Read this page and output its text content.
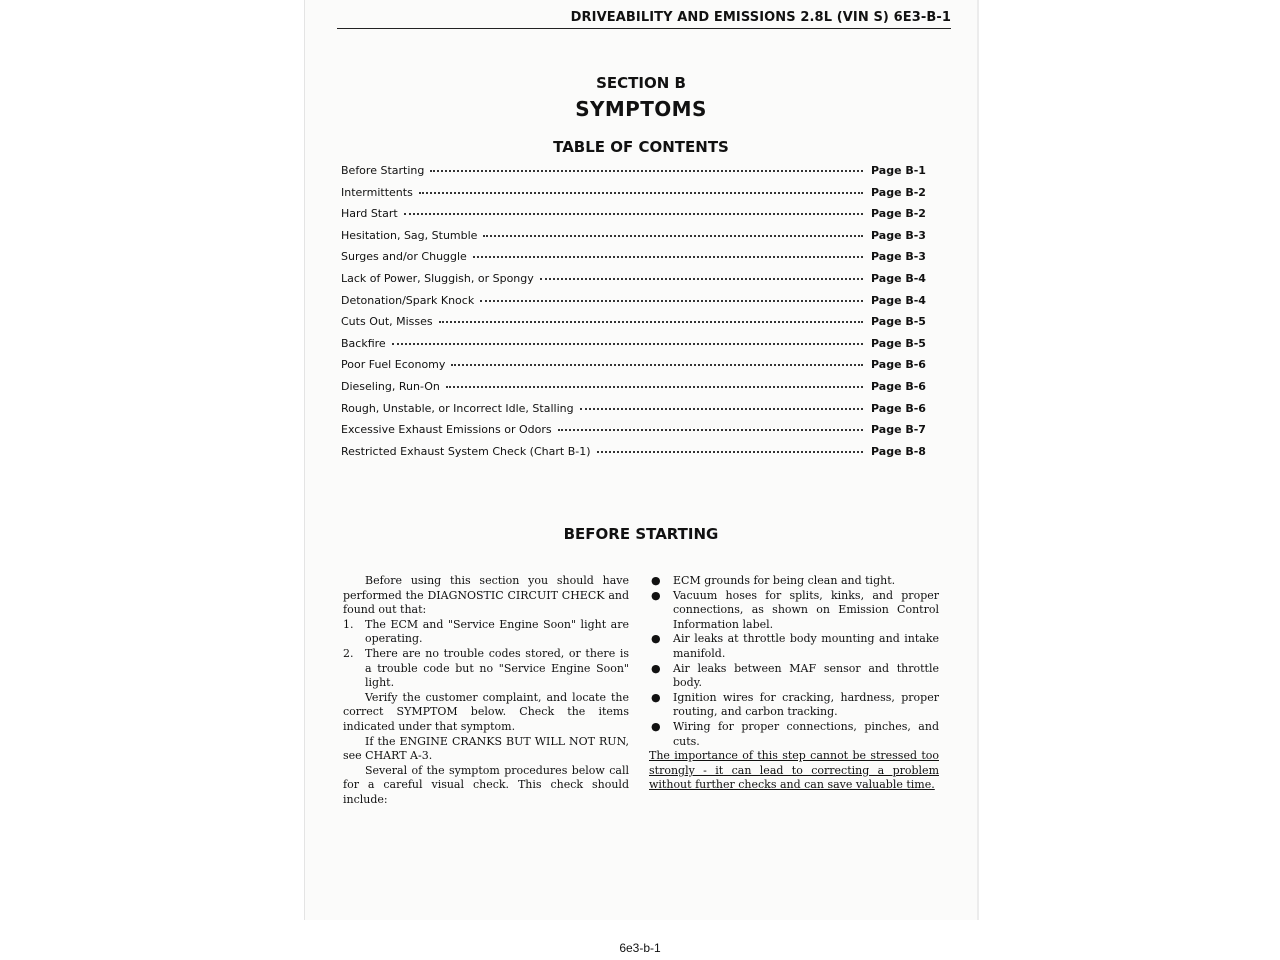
DRIVEABILITY AND EMISSIONS 2.8L (VIN S) 6E3-B-1
SECTION B
SYMPTOMS
TABLE OF CONTENTS
Before Starting	Page B-1
Intermittents	Page B-2
Hard Start	Page B-2
Hesitation, Sag, Stumble	Page B-3
Surges and/or Chuggle	Page B-3
Lack of Power, Sluggish, or Spongy	Page B-4
Detonation/Spark Knock	Page B-4
Cuts Out, Misses	Page B-5
Backfire	Page B-5
Poor Fuel Economy	Page B-6
Dieseling, Run-On	Page B-6
Rough, Unstable, or Incorrect Idle, Stalling	Page B-6
Excessive Exhaust Emissions or Odors	Page B-7
Restricted Exhaust System Check (Chart B-1)	Page B-8
BEFORE STARTING

Before using this section you should have performed the DIAGNOSTIC CIRCUIT CHECK and found out that:

1.	The ECM and "Service Engine Soon" light are operating.
2.	There are no trouble codes stored, or there is a trouble code but no "Service Engine Soon" light.

Verify the customer complaint, and locate the correct SYMPTOM below. Check the items indicated under that symptom.

If the ENGINE CRANKS BUT WILL NOT RUN, see CHART A-3.

Several of the symptom procedures below call for a careful visual check. This check should include:

●	ECM grounds for being clean and tight.
●	Vacuum hoses for splits, kinks, and proper connections, as shown on Emission Control Information label.
●	Air leaks at throttle body mounting and intake manifold.
●	Air leaks between MAF sensor and throttle body.
●	Ignition wires for cracking, hardness, proper routing, and carbon tracking.
●	Wiring for proper connections, pinches, and cuts.

The importance of this step cannot be stressed too strongly - it can lead to correcting a problem without further checks and can save valuable time.

6e3-b-1
